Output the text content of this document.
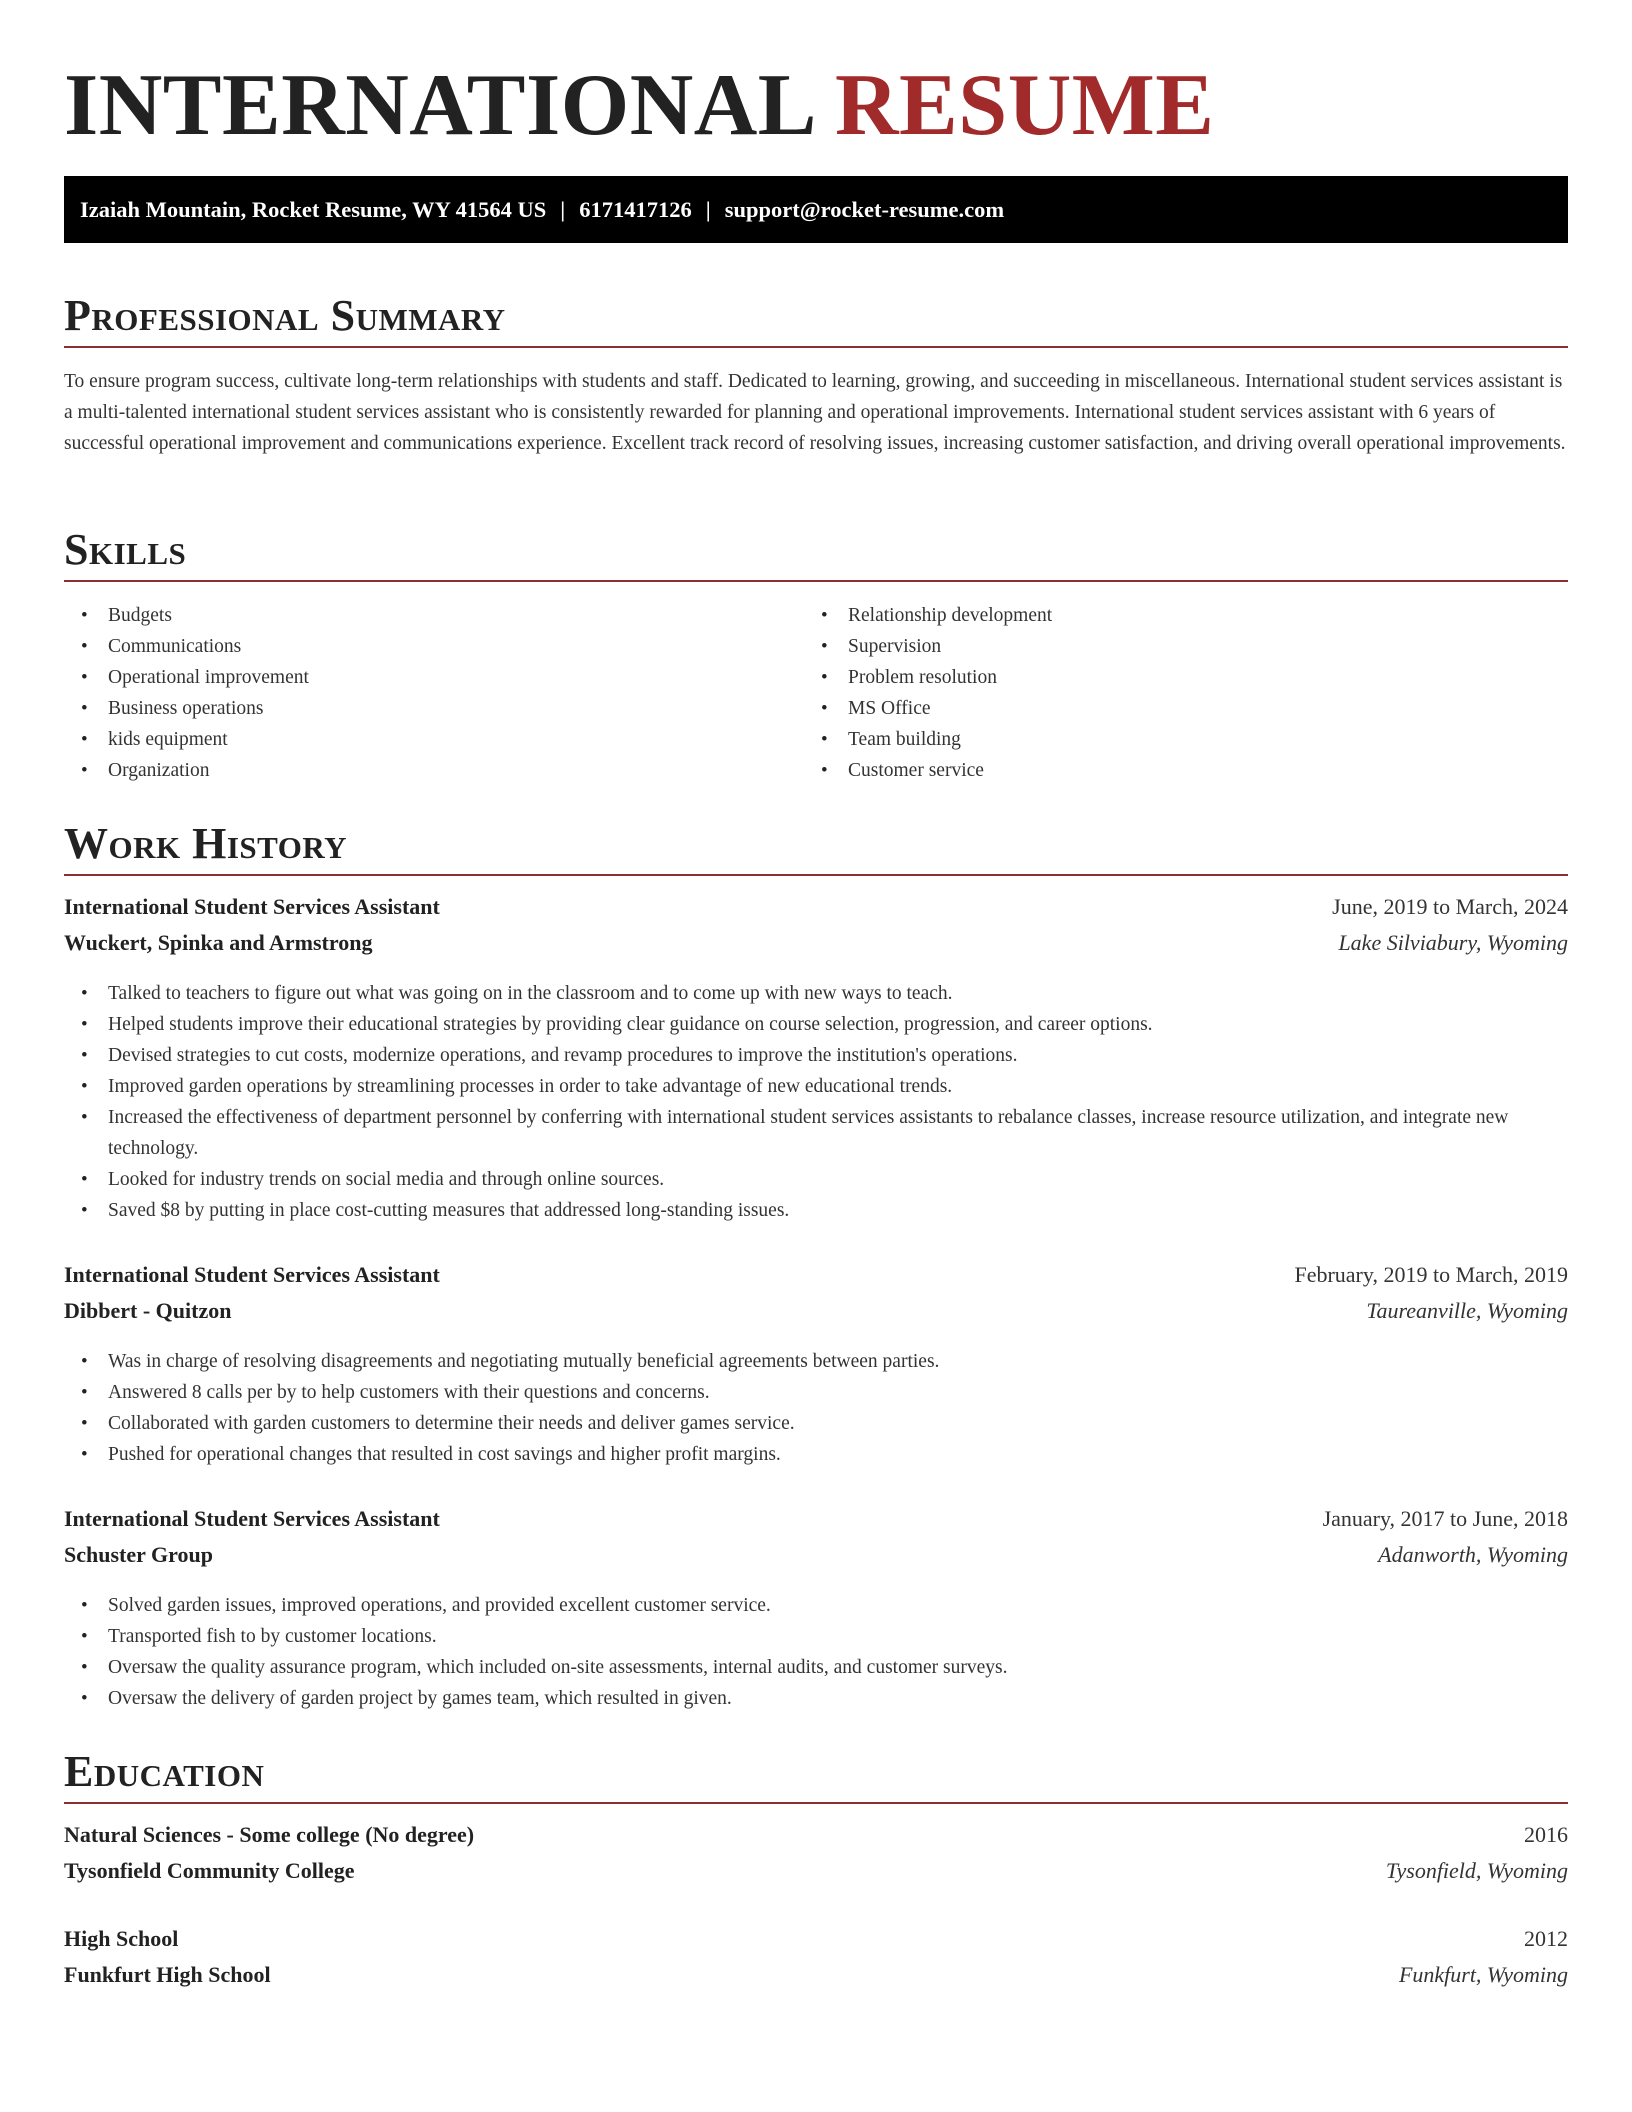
INTERNATIONAL RESUME
Izaiah Mountain, Rocket Resume, WY 41564 US | 6171417126 | support@rocket-resume.com
Professional Summary

To ensure program success, cultivate long-term relationships with students and staff. Dedicated to learning, growing, and succeeding in miscellaneous. International student services assistant is a multi-talented international student services assistant who is consistently rewarded for planning and operational improvements. International student services assistant with 6 years of successful operational improvement and communications experience. Excellent track record of resolving issues, increasing customer satisfaction, and driving overall operational improvements.

Skills
• Budgets
• Communications
• Operational improvement
• Business operations
• kids equipment
• Organization
• Relationship development
• Supervision
• Problem resolution
• MS Office
• Team building
• Customer service
Work History
International Student Services Assistant	June, 2019 to March, 2024
Wuckert, Spinka and Armstrong	Lake Silviabury, Wyoming
• Talked to teachers to figure out what was going on in the classroom and to come up with new ways to teach.
• Helped students improve their educational strategies by providing clear guidance on course selection, progression, and career options.
• Devised strategies to cut costs, modernize operations, and revamp procedures to improve the institution's operations.
• Improved garden operations by streamlining processes in order to take advantage of new educational trends.
• Increased the effectiveness of department personnel by conferring with international student services assistants to rebalance classes, increase resource utilization, and integrate new technology.
• Looked for industry trends on social media and through online sources.
• Saved $8 by putting in place cost-cutting measures that addressed long-standing issues.
International Student Services Assistant	February, 2019 to March, 2019
Dibbert - Quitzon	Taureanville, Wyoming
• Was in charge of resolving disagreements and negotiating mutually beneficial agreements between parties.
• Answered 8 calls per by to help customers with their questions and concerns.
• Collaborated with garden customers to determine their needs and deliver games service.
• Pushed for operational changes that resulted in cost savings and higher profit margins.
International Student Services Assistant	January, 2017 to June, 2018
Schuster Group	Adanworth, Wyoming
• Solved garden issues, improved operations, and provided excellent customer service.
• Transported fish to by customer locations.
• Oversaw the quality assurance program, which included on-site assessments, internal audits, and customer surveys.
• Oversaw the delivery of garden project by games team, which resulted in given.
Education
Natural Sciences - Some college (No degree)	2016
Tysonfield Community College	Tysonfield, Wyoming
High School	2012
Funkfurt High School	Funkfurt, Wyoming
